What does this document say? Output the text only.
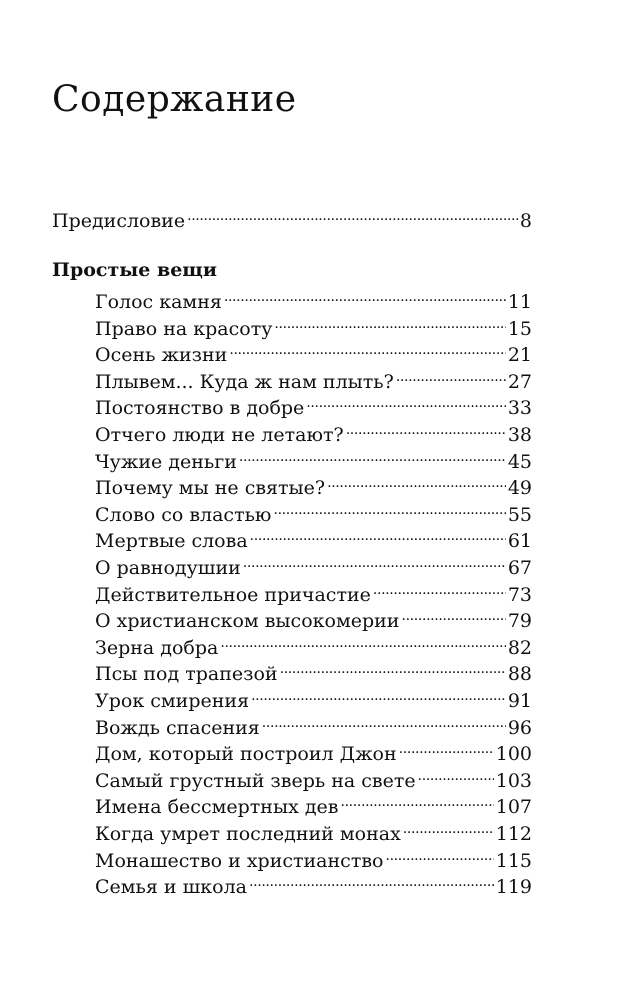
Содержание
Предисловие . . .	8
Простые вещи
Голос камня . . .	11
Право на красоту . . .	15
Осень жизни . . .	21
Плывем... Куда ж нам плыть? . . .	27
Постоянство в добре . . .	33
Отчего люди не летают? . . .	38
Чужие деньги . . .	45
Почему мы не святые? . . .	49
Слово со властью . . .	55
Мертвые слова . . .	61
О равнодушии . . .	67
Действительное причастие . . .	73
О христианском высокомерии . . .	79
Зерна добра . . .	82
Псы под трапезой . . .	88
Урок смирения . . .	91
Вождь спасения . . .	96
Дом, который построил Джон . . .	100
Самый грустный зверь на свете . . .	103
Имена бессмертных дев . . .	107
Когда умрет последний монах . . .	112
Монашество и христианство . . .	115
Семья и школа . . .	119
